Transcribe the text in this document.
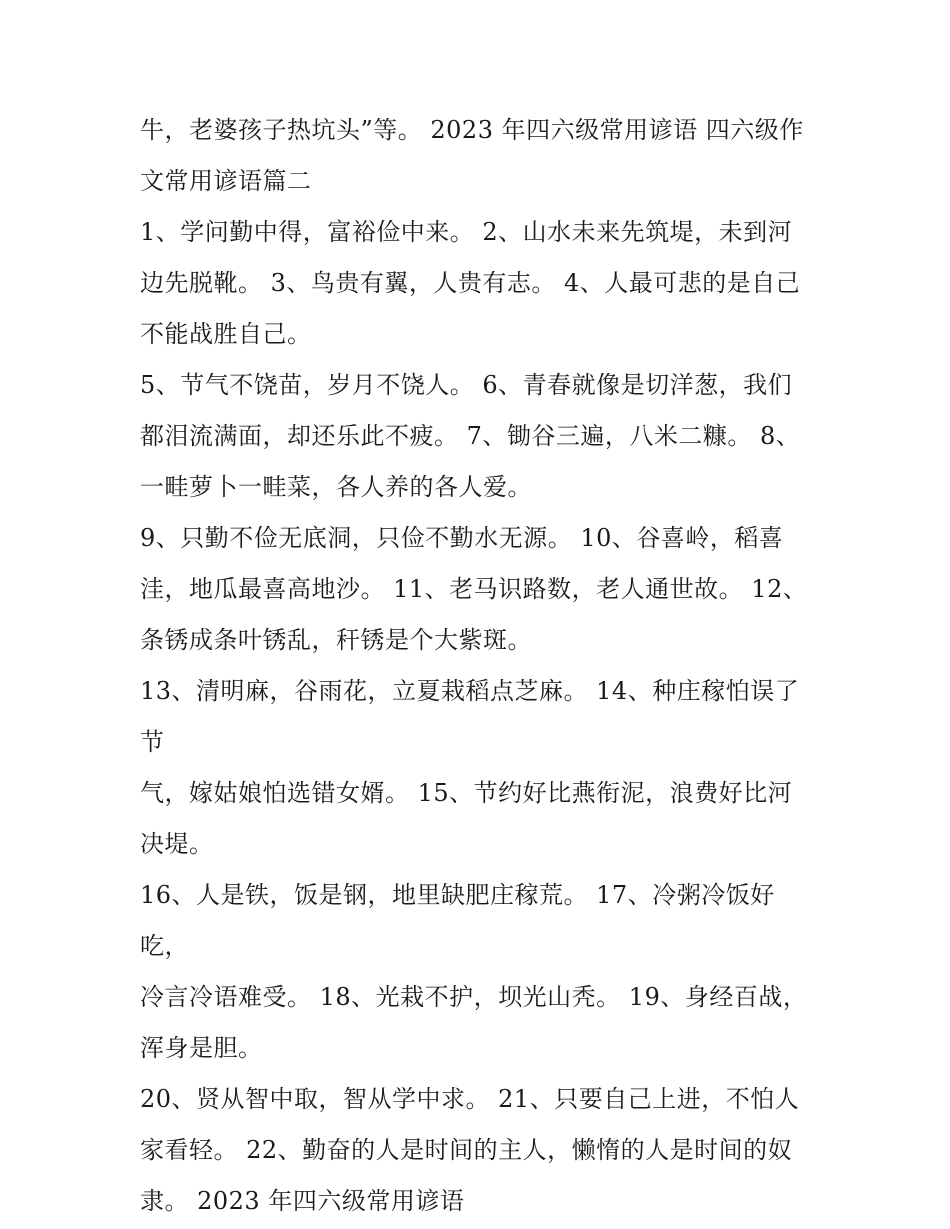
牛，老婆孩子热坑头”等。 2023 年四六级常用谚语 四六级作
文常用谚语篇二

1、学问勤中得，富裕俭中来。 2、山水未来先筑堤，未到河
边先脱靴。 3、鸟贵有翼，人贵有志。 4、人最可悲的是自己
不能战胜自己。

5、节气不饶苗，岁月不饶人。 6、青春就像是切洋葱，我们
都泪流满面，却还乐此不疲。 7、锄谷三遍，八米二糠。 8、
一畦萝卜一畦菜，各人养的各人爱。

9、只勤不俭无底洞，只俭不勤水无源。 10、谷喜岭，稻喜
洼，地瓜最喜高地沙。 11、老马识路数，老人通世故。 12、
条锈成条叶锈乱，秆锈是个大紫斑。

13、清明麻，谷雨花，立夏栽稻点芝麻。 14、种庄稼怕误了节
气，嫁姑娘怕选错女婿。 15、节约好比燕衔泥，浪费好比河
决堤。

16、人是铁，饭是钢，地里缺肥庄稼荒。 17、冷粥冷饭好吃，
冷言冷语难受。 18、光栽不护，坝光山秃。 19、身经百战，
浑身是胆。

20、贤从智中取，智从学中求。 21、只要自己上进，不怕人
家看轻。 22、勤奋的人是时间的主人，懒惰的人是时间的奴
隶。 2023 年四六级常用谚语
